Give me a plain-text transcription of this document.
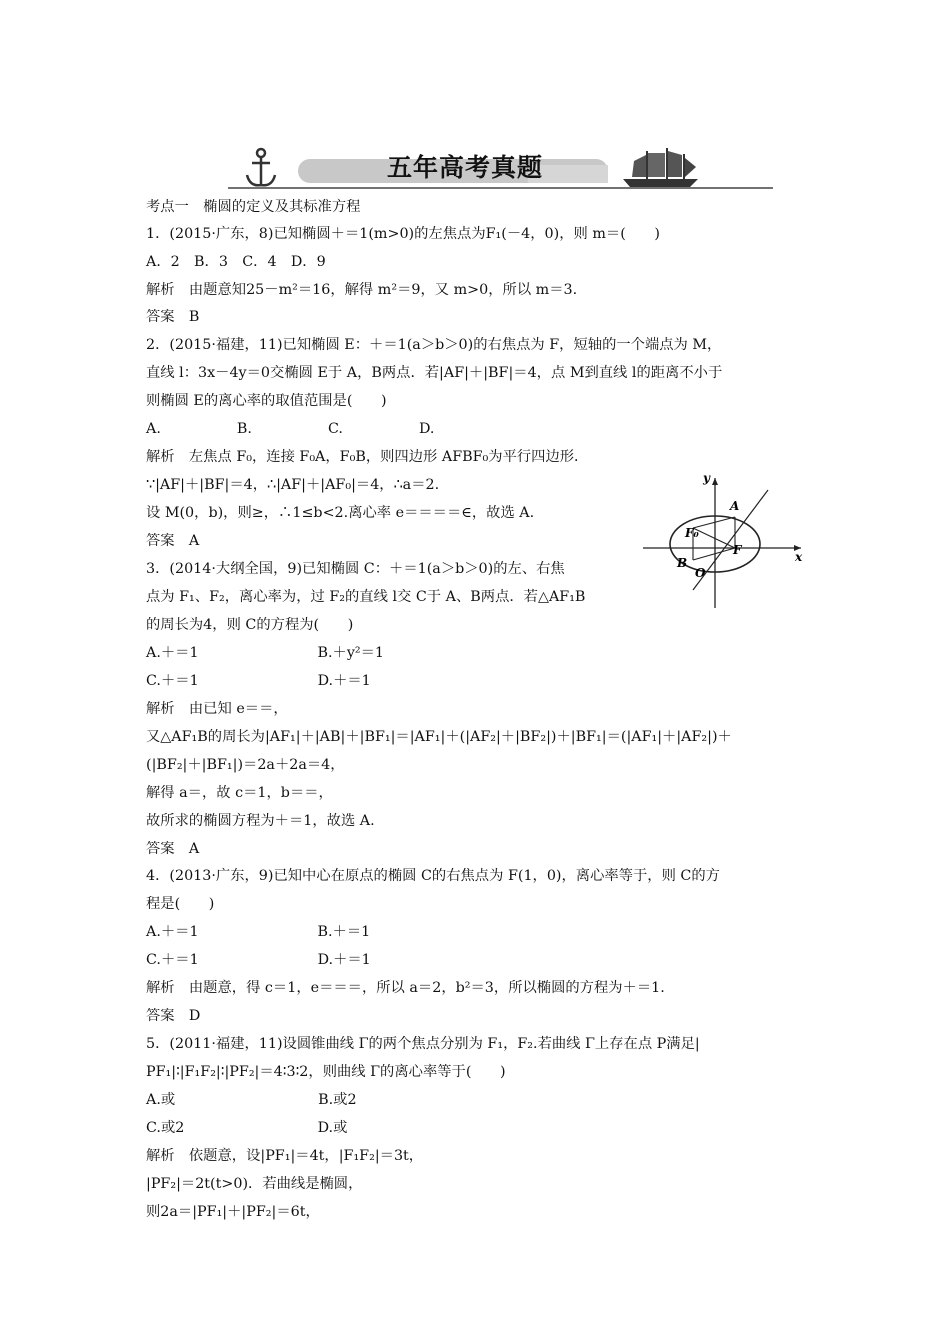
五年高考真题
考点一　椭圆的定义及其标准方程
1．(2015·广东，8)已知椭圆＋＝1(m>0)的左焦点为F₁(－4，0)，则 m＝(　　)
A．2　B．3　C．4　D．9
解析　由题意知25－m²＝16，解得 m²＝9，又 m>0，所以 m＝3.
答案　B
2．(2015·福建，11)已知椭圆 E：＋＝1(a＞b＞0)的右焦点为 F，短轴的一个端点为 M，
直线 l：3x－4y＝0交椭圆 E于 A，B两点．若|AF|＋|BF|＝4，点 M到直线 l的距离不小于
则椭圆 E的离心率的取值范围是(　　)
A.　　　　　 B.　　　　　 C.　　　　　 D.
解析　左焦点 F₀，连接 F₀A，F₀B，则四边形 AFBF₀为平行四边形．
∵|AF|＋|BF|＝4，∴|AF|＋|AF₀|＝4，∴a＝2.
设 M(0，b)，则≥，∴1≤b<2.离心率 e＝＝＝＝∈，故选 A.
答案　A
3．(2014·大纲全国，9)已知椭圆 C：＋＝1(a＞b＞0)的左、右焦
点为 F₁、F₂，离心率为，过 F₂的直线 l交 C于 A、B两点．若△AF₁B
的周长为4，则 C的方程为(　　)
A.＋＝1　　　　　　　　 B.＋y²＝1
C.＋＝1　　　　　　　　 D.＋＝1
解析　由已知 e＝＝，
又△AF₁B的周长为|AF₁|＋|AB|＋|BF₁|＝|AF₁|＋(|AF₂|＋|BF₂|)＋|BF₁|＝(|AF₁|＋|AF₂|)＋
(|BF₂|＋|BF₁|)＝2a＋2a＝4，
解得 a＝，故 c＝1，b＝＝，
故所求的椭圆方程为＋＝1，故选 A.
答案　A
4．(2013·广东，9)已知中心在原点的椭圆 C的右焦点为 F(1，0)，离心率等于，则 C的方
程是(　　)
A.＋＝1　　　　　　　　 B.＋＝1
C.＋＝1　　　　　　　　 D.＋＝1
解析　由题意，得 c＝1，e＝＝＝，所以 a＝2，b²＝3，所以椭圆的方程为＋＝1.
答案　D
5．(2011·福建，11)设圆锥曲线 Γ的两个焦点分别为 F₁，F₂.若曲线 Γ上存在点 P满足|
PF₁|∶|F₁F₂|∶|PF₂|＝4∶3∶2，则曲线 Γ的离心率等于(　　)
A.或　　　　　　　　　　B.或2
C.或2　　　　　　　　　 D.或
解析　依题意，设|PF₁|＝4t，|F₁F₂|＝3t，
|PF₂|＝2t(t>0)．若曲线是椭圆，
则2a＝|PF₁|＋|PF₂|＝6t，
y
x
A
F₀
F
B
O
